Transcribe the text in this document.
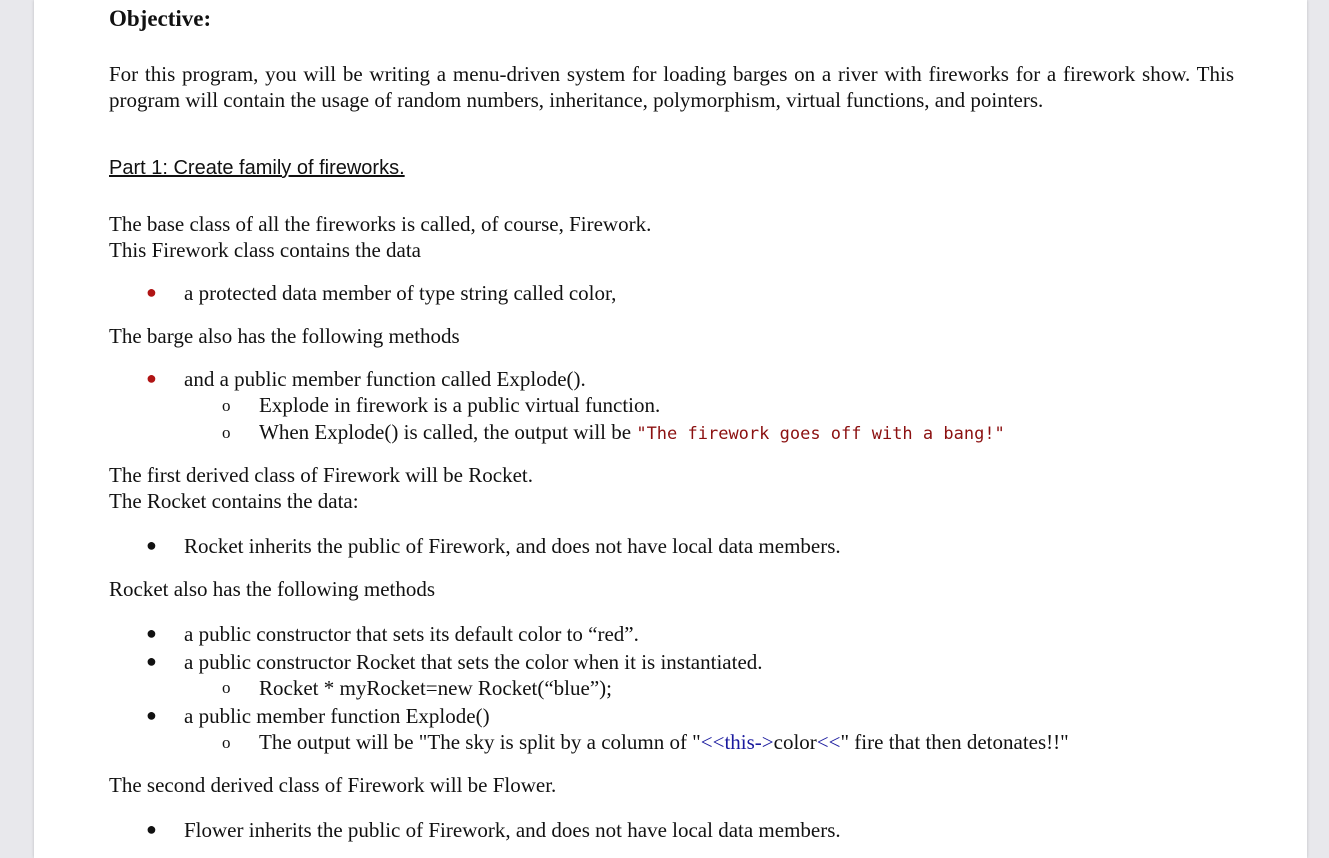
Objective:
For this program, you will be writing a menu-driven system for loading barges on a river with fireworks for a firework show. This program will contain the usage of random numbers, inheritance, polymorphism, virtual functions, and pointers.
Part 1: Create family of fireworks.
The base class of all the fireworks is called, of course, Firework.
This Firework class contains the data
● a protected data member of type string called color,
The barge also has the following methods
● and a public member function called Explode().
o Explode in firework is a public virtual function.
o When Explode() is called, the output will be "The firework goes off with a bang!"
The first derived class of Firework will be Rocket.
The Rocket contains the data:
● Rocket inherits the public of Firework, and does not have local data members.
Rocket also has the following methods
● a public constructor that sets its default color to “red”.
● a public constructor Rocket that sets the color when it is instantiated.
o Rocket * myRocket=new Rocket(“blue”);
● a public member function Explode()
o The output will be "The sky is split by a column of "<<this->color<<" fire that then detonates!!"
The second derived class of Firework will be Flower.
● Flower inherits the public of Firework, and does not have local data members.
